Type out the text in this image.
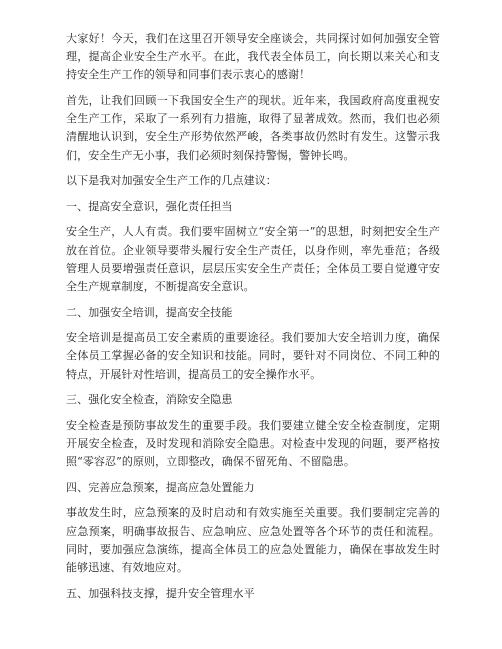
大家好！今天，我们在这里召开领导安全座谈会，共同探讨如何加强安全管理，提高企业安全生产水平。在此，我代表全体员工，向长期以来关心和支持安全生产工作的领导和同事们表示衷心的感谢！

首先，让我们回顾一下我国安全生产的现状。近年来，我国政府高度重视安全生产工作，采取了一系列有力措施，取得了显著成效。然而，我们也必须清醒地认识到，安全生产形势依然严峻，各类事故仍然时有发生。这警示我们，安全生产无小事，我们必须时刻保持警惕，警钟长鸣。

以下是我对加强安全生产工作的几点建议：

一、提高安全意识，强化责任担当

安全生产，人人有责。我们要牢固树立“安全第一”的思想，时刻把安全生产放在首位。企业领导要带头履行安全生产责任，以身作则，率先垂范；各级管理人员要增强责任意识，层层压实安全生产责任；全体员工要自觉遵守安全生产规章制度，不断提高安全意识。

二、加强安全培训，提高安全技能

安全培训是提高员工安全素质的重要途径。我们要加大安全培训力度，确保全体员工掌握必备的安全知识和技能。同时，要针对不同岗位、不同工种的特点，开展针对性培训，提高员工的安全操作水平。

三、强化安全检查，消除安全隐患

安全检查是预防事故发生的重要手段。我们要建立健全安全检查制度，定期开展安全检查，及时发现和消除安全隐患。对检查中发现的问题，要严格按照“零容忍”的原则，立即整改，确保不留死角、不留隐患。

四、完善应急预案，提高应急处置能力

事故发生时，应急预案的及时启动和有效实施至关重要。我们要制定完善的应急预案，明确事故报告、应急响应、应急处置等各个环节的责任和流程。同时，要加强应急演练，提高全体员工的应急处置能力，确保在事故发生时能够迅速、有效地应对。

五、加强科技支撑，提升安全管理水平
